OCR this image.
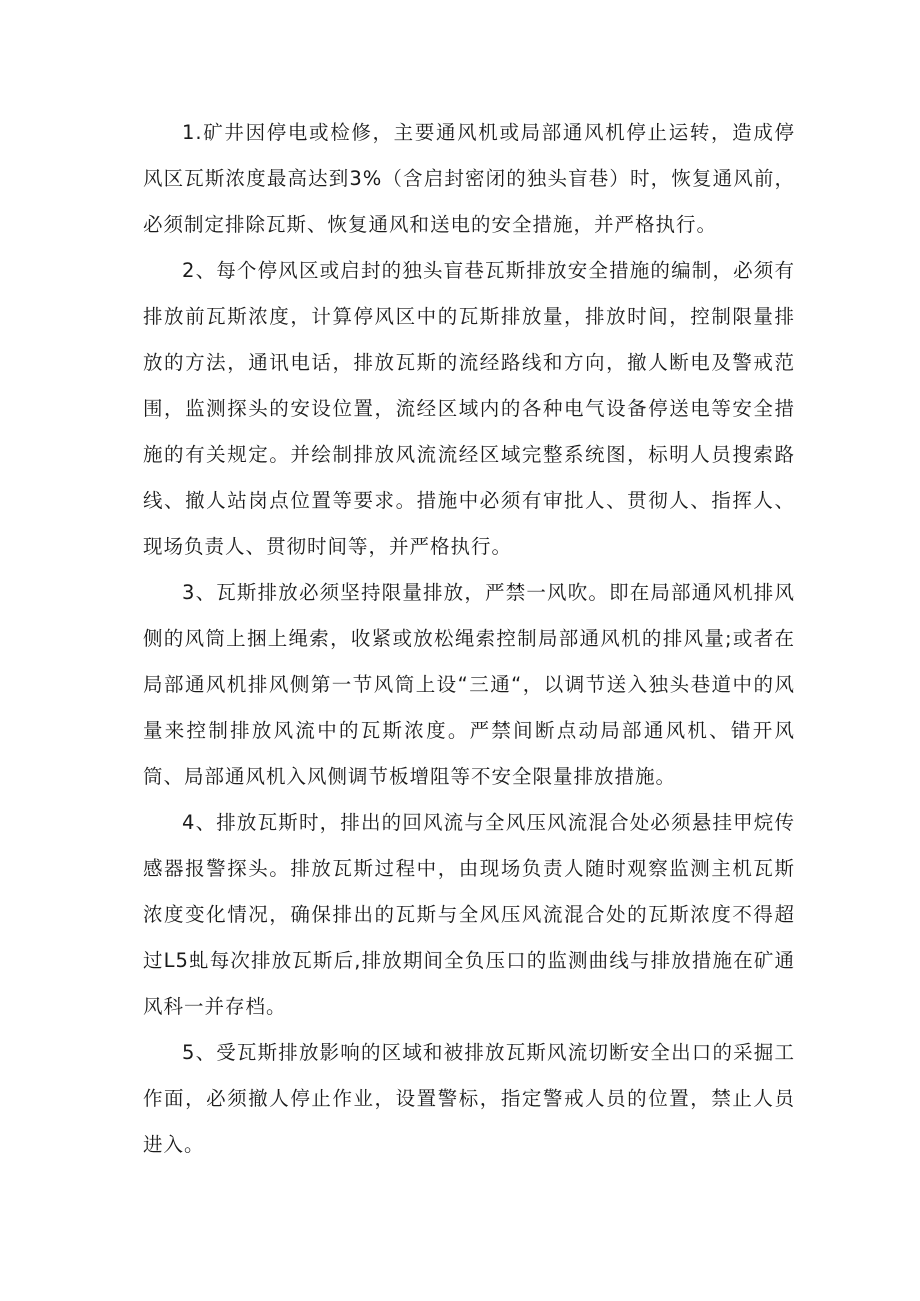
1.矿井因停电或检修，主要通风机或局部通风机停止运转，造成停风区瓦斯浓度最高达到3%（含启封密闭的独头盲巷）时，恢复通风前，必须制定排除瓦斯、恢复通风和送电的安全措施，并严格执行。

2、每个停风区或启封的独头盲巷瓦斯排放安全措施的编制，必须有排放前瓦斯浓度，计算停风区中的瓦斯排放量，排放时间，控制限量排放的方法，通讯电话，排放瓦斯的流经路线和方向，撤人断电及警戒范围，监测探头的安设位置，流经区域内的各种电气设备停送电等安全措施的有关规定。并绘制排放风流流经区域完整系统图，标明人员搜索路线、撤人站岗点位置等要求。措施中必须有审批人、贯彻人、指挥人、现场负责人、贯彻时间等，并严格执行。

3、瓦斯排放必须坚持限量排放，严禁一风吹。即在局部通风机排风侧的风筒上捆上绳索，收紧或放松绳索控制局部通风机的排风量;或者在局部通风机排风侧第一节风筒上设“三通“，以调节送入独头巷道中的风量来控制排放风流中的瓦斯浓度。严禁间断点动局部通风机、错开风筒、局部通风机入风侧调节板增阻等不安全限量排放措施。

4、排放瓦斯时，排出的回风流与全风压风流混合处必须悬挂甲烷传感器报警探头。排放瓦斯过程中，由现场负责人随时观察监测主机瓦斯浓度变化情况，确保排出的瓦斯与全风压风流混合处的瓦斯浓度不得超过L5虬每次排放瓦斯后,排放期间全负压口的监测曲线与排放措施在矿通风科一并存档。

5、受瓦斯排放影响的区域和被排放瓦斯风流切断安全出口的采掘工作面，必须撤人停止作业，设置警标，指定警戒人员的位置，禁止人员进入。
